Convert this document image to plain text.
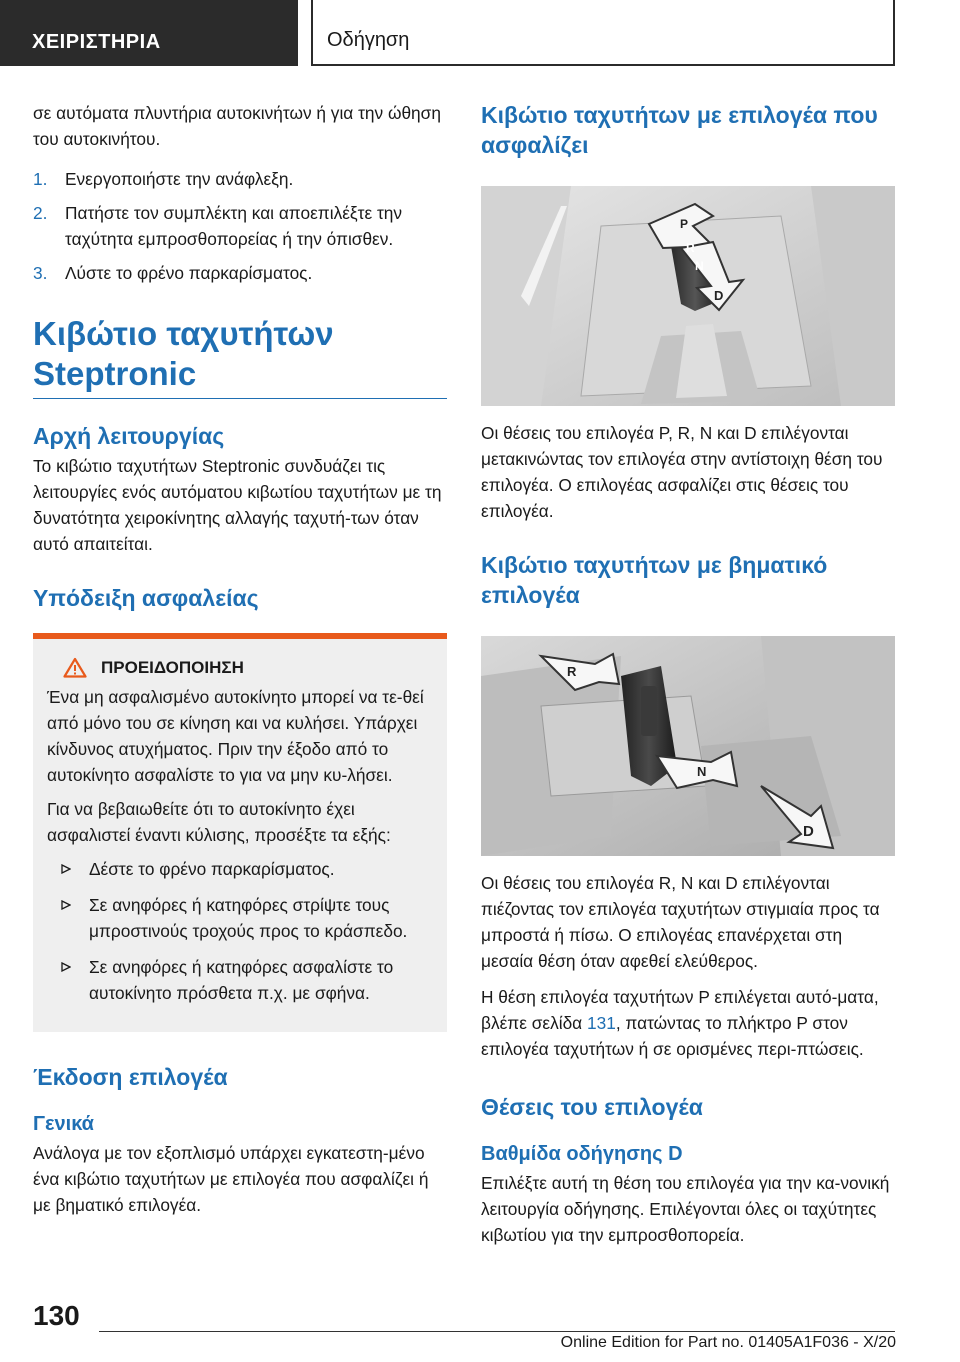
ΧΕΙΡΙΣΤΗΡΙΑ	Οδήγηση

σε αυτόματα πλυντήρια αυτοκινήτων ή για την ώθηση του αυτοκινήτου.

1. Ενεργοποιήστε την ανάφλεξη.
2. Πατήστε τον συμπλέκτη και αποεπιλέξτε την ταχύτητα εμπροσθοπορείας ή την όπισθεν.
3. Λύστε το φρένο παρκαρίσματος.
Κιβώτιο ταχυτήτων Steptronic
Αρχή λειτουργίας

Το κιβώτιο ταχυτήτων Steptronic συνδυάζει τις λειτουργίες ενός αυτόματου κιβωτίου ταχυτήτων με τη δυνατότητα χειροκίνητης αλλαγής ταχυτή-των όταν αυτό απαιτείται.

Υπόδειξη ασφαλείας
ΠΡΟΕΙΔΟΠΟΙΗΣΗ

Ένα μη ασφαλισμένο αυτοκίνητο μπορεί να τε-θεί από μόνο του σε κίνηση και να κυλήσει. Υπάρχει κίνδυνος ατυχήματος. Πριν την έξοδο από το αυτοκίνητο ασφαλίστε το για να μην κυ-λήσει.

Για να βεβαιωθείτε ότι το αυτοκίνητο έχει ασφαλιστεί έναντι κύλισης, προσέξτε τα εξής:

Δέστε το φρένο παρκαρίσματος.
Σε ανηφόρες ή κατηφόρες στρίψτε τους μπροστινούς τροχούς προς το κράσπεδο.
Σε ανηφόρες ή κατηφόρες ασφαλίστε το αυτοκίνητο πρόσθετα π.χ. με σφήνα.
Έκδοση επιλογέα
Γενικά

Ανάλογα με τον εξοπλισμό υπάρχει εγκατεστη-μένο ένα κιβώτιο ταχυτήτων με επιλογέα που ασφαλίζει ή με βηματικό επιλογέα.

Κιβώτιο ταχυτήτων με επιλογέα που ασφαλίζει
P
R
N
D

Οι θέσεις του επιλογέα P, R, N και D επιλέγονται μετακινώντας τον επιλογέα στην αντίστοιχη θέση του επιλογέα. Ο επιλογέας ασφαλίζει στις θέσεις του επιλογέα.

Κιβώτιο ταχυτήτων με βηματικό επιλογέα
R
N
D

Οι θέσεις του επιλογέα R, N και D επιλέγονται πιέζοντας τον επιλογέα ταχυτήτων στιγμιαία προς τα μπροστά ή πίσω. Ο επιλογέας επανέρχεται στη μεσαία θέση όταν αφεθεί ελεύθερος.

Η θέση επιλογέα ταχυτήτων P επιλέγεται αυτό-ματα, βλέπε σελίδα 131, πατώντας το πλήκτρο P στον επιλογέα ταχυτήτων ή σε ορισμένες περι-πτώσεις.

Θέσεις του επιλογέα
Βαθμίδα οδήγησης D

Επιλέξτε αυτή τη θέση του επιλογέα για την κα-νονική λειτουργία οδήγησης. Επιλέγονται όλες οι ταχύτητες κιβωτίου για την εμπροσθοπορεία.

130
Online Edition for Part no. 01405A1F036 - X/20
